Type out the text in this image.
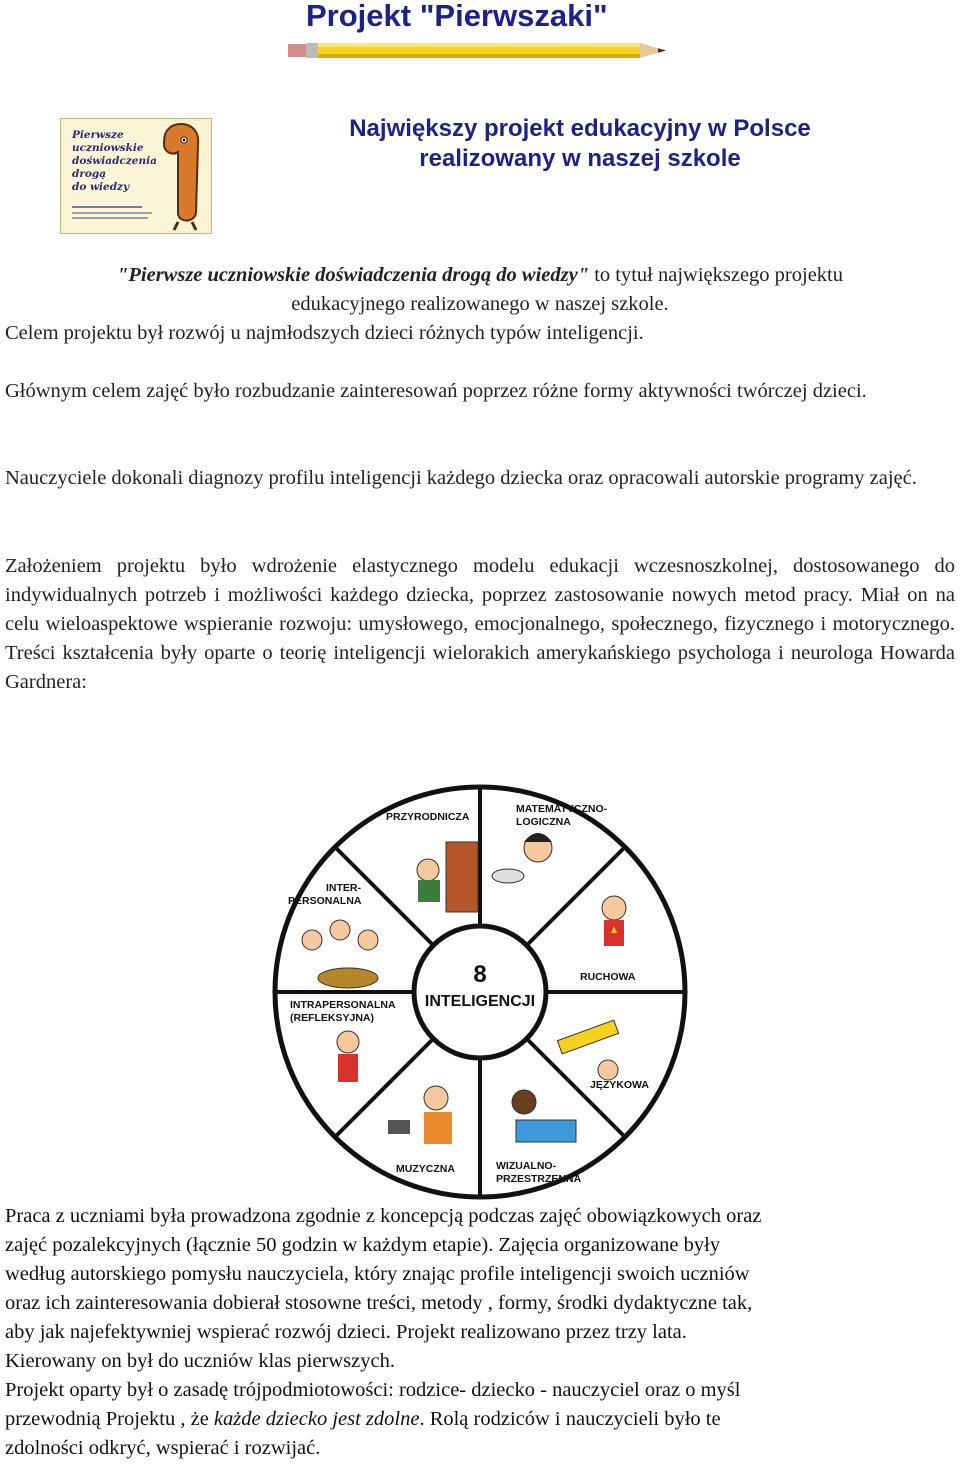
Projekt "Pierwszaki"
Pierwsze
uczniowskie
doświadczenia
drogą
do wiedzy
Największy projekt edukacyjny w Polsce
realizowany w naszej szkole
"Pierwsze uczniowskie doświadczenia drogą do wiedzy" to tytuł największego projektu
edukacyjnego realizowanego w naszej szkole.
Celem projektu był rozwój u najmłodszych dzieci różnych typów inteligencji.
Głównym celem zajęć było rozbudzanie zainteresowań poprzez różne formy aktywności twórczej dzieci.
Nauczyciele dokonali diagnozy profilu inteligencji każdego dziecka oraz opracowali autorskie programy zajęć.
Założeniem projektu było wdrożenie elastycznego modelu edukacji wczesnoszkolnej, dostosowanego do indywidualnych potrzeb i możliwości każdego dziecka, poprzez zastosowanie nowych metod pracy. Miał on na celu wieloaspektowe wspieranie rozwoju: umysłowego, emocjonalnego, społecznego, fizycznego i motorycznego. Treści kształcenia były oparte o teorię inteligencji wielorakich amerykańskiego psychologa i neurologa Howarda Gardnera:
8
INTELIGENCJI
PRZYRODNICZA
MATEMATYCZNO-
LOGICZNA
INTER-
PERSONALNA
RUCHOWA
INTRAPERSONALNA
(REFLEKSYJNA)
JĘZYKOWA
WIZUALNO-
PRZESTRZENNA
MUZYCZNA
Praca z uczniami była prowadzona zgodnie z koncepcją podczas zajęć obowiązkowych oraz
zajęć pozalekcyjnych (łącznie 50 godzin w każdym etapie). Zajęcia organizowane były
według autorskiego pomysłu nauczyciela, który znając profile inteligencji swoich uczniów
oraz ich zainteresowania dobierał stosowne treści, metody , formy, środki dydaktyczne tak,
aby jak najefektywniej wspierać rozwój dzieci. Projekt realizowano przez trzy lata.
Kierowany on był do uczniów klas pierwszych.
Projekt oparty był o zasadę trójpodmiotowości: rodzice- dziecko - nauczyciel oraz o myśl
przewodnią Projektu , że każde dziecko jest zdolne. Rolą rodziców i nauczycieli było te
zdolności odkryć, wspierać i rozwijać.
